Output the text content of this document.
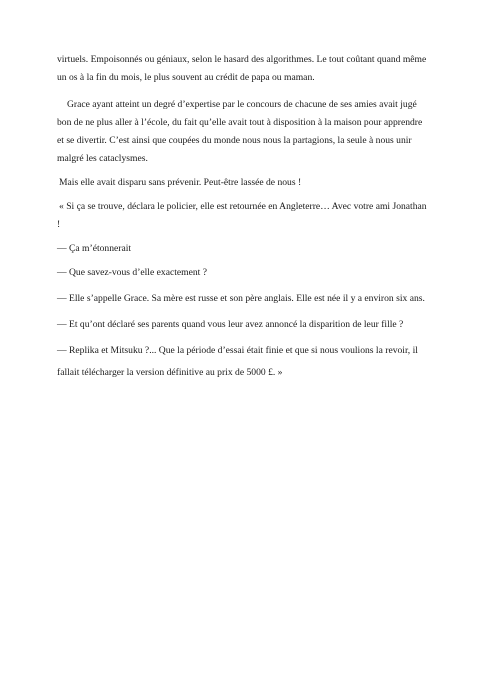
virtuels. Empoisonnés ou géniaux, selon le hasard des algorithmes. Le tout coûtant quand même un os à la fin du mois, le plus souvent au crédit de papa ou maman.

Grace ayant atteint un degré d’expertise par le concours de chacune de ses amies avait jugé bon de ne plus aller à l’école, du fait qu’elle avait tout à disposition à la maison pour apprendre et se divertir. C’est ainsi que coupées du monde nous nous la partagions, la seule à nous unir malgré les cataclysmes.

Mais elle avait disparu sans prévenir. Peut-être lassée de nous !

« Si ça se trouve, déclara le policier, elle est retournée en Angleterre… Avec votre ami Jonathan !

— Ça m’étonnerait

— Que savez-vous d’elle exactement ?

— Elle s’appelle Grace. Sa mère est russe et son père anglais. Elle est née il y a environ six ans.

— Et qu’ont déclaré ses parents quand vous leur avez annoncé la disparition de leur fille ?

— Replika et Mitsuku ?... Que la période d’essai était finie et que si nous voulions la revoir, il fallait télécharger la version définitive au prix de 5000 £. »
